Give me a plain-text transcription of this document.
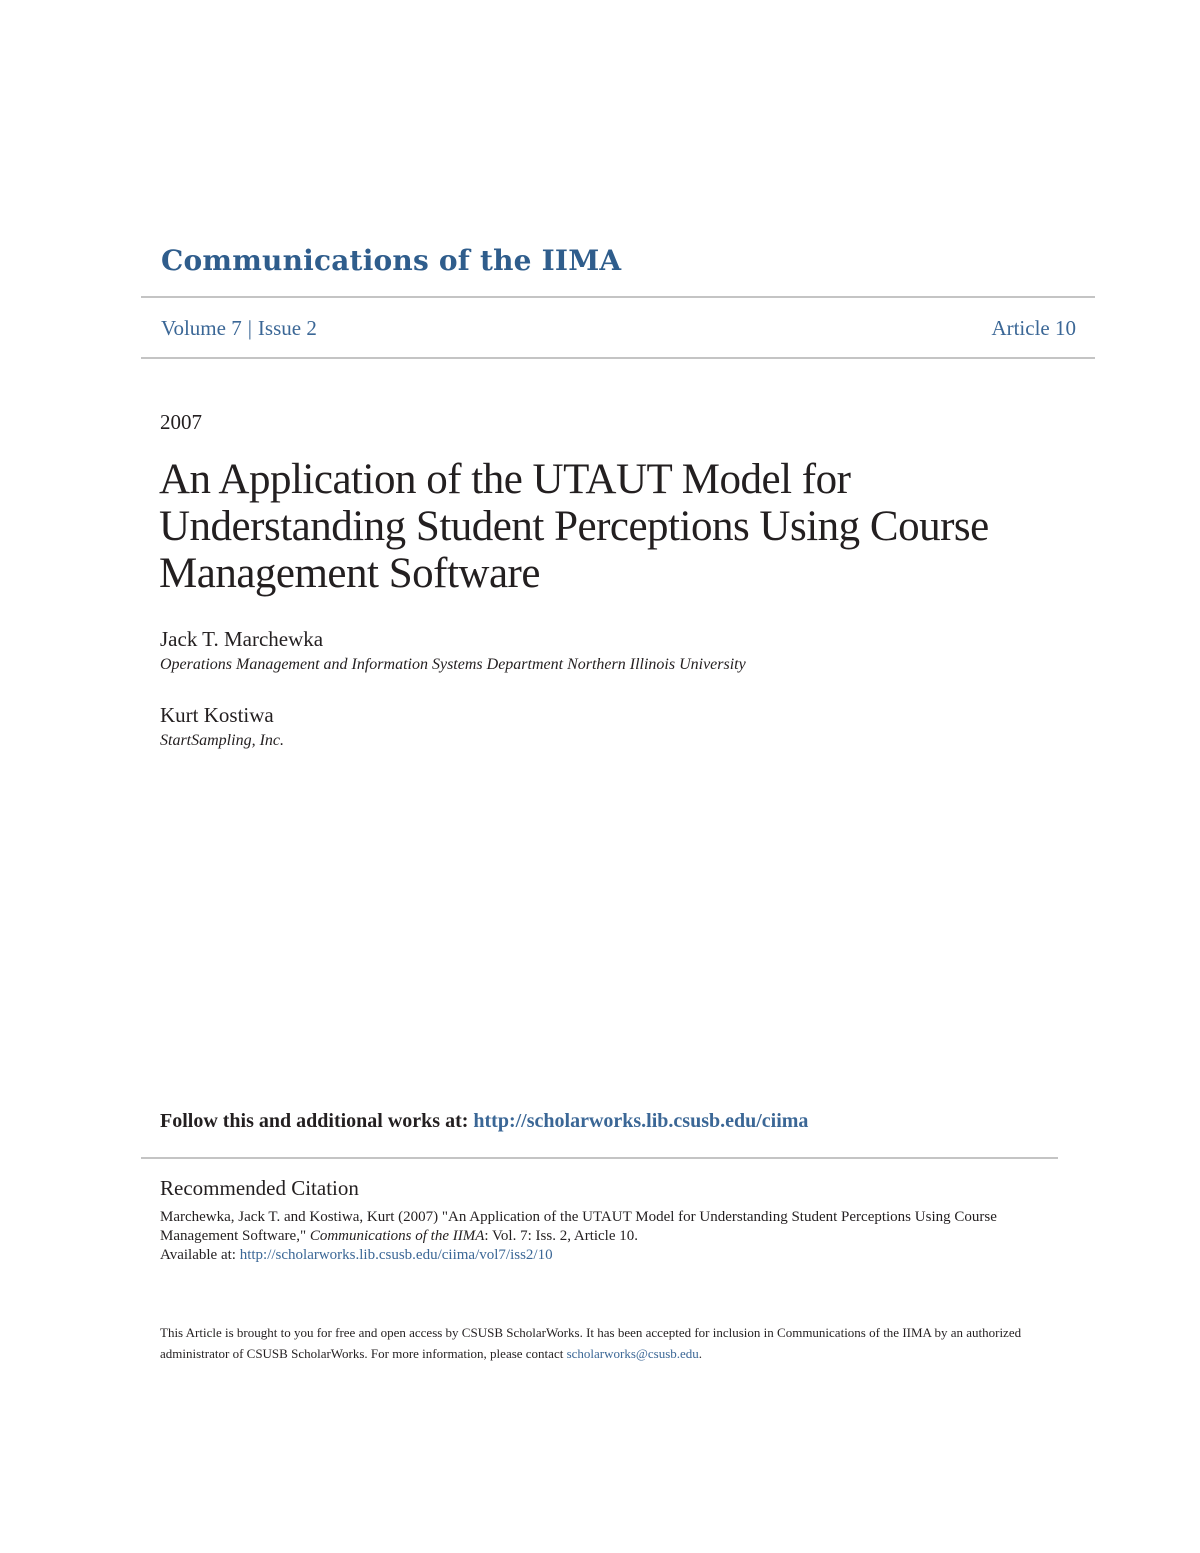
Communications of the IIMA
Volume 7 | Issue 2	Article 10
2007
An Application of the UTAUT Model for Understanding Student Perceptions Using Course Management Software
Jack T. Marchewka
Operations Management and Information Systems Department Northern Illinois University
Kurt Kostiwa
StartSampling, Inc.
Follow this and additional works at: http://scholarworks.lib.csusb.edu/ciima
Recommended Citation
Marchewka, Jack T. and Kostiwa, Kurt (2007) "An Application of the UTAUT Model for Understanding Student Perceptions Using Course Management Software," Communications of the IIMA: Vol. 7: Iss. 2, Article 10.
Available at: http://scholarworks.lib.csusb.edu/ciima/vol7/iss2/10
This Article is brought to you for free and open access by CSUSB ScholarWorks. It has been accepted for inclusion in Communications of the IIMA by an authorized administrator of CSUSB ScholarWorks. For more information, please contact scholarworks@csusb.edu.
